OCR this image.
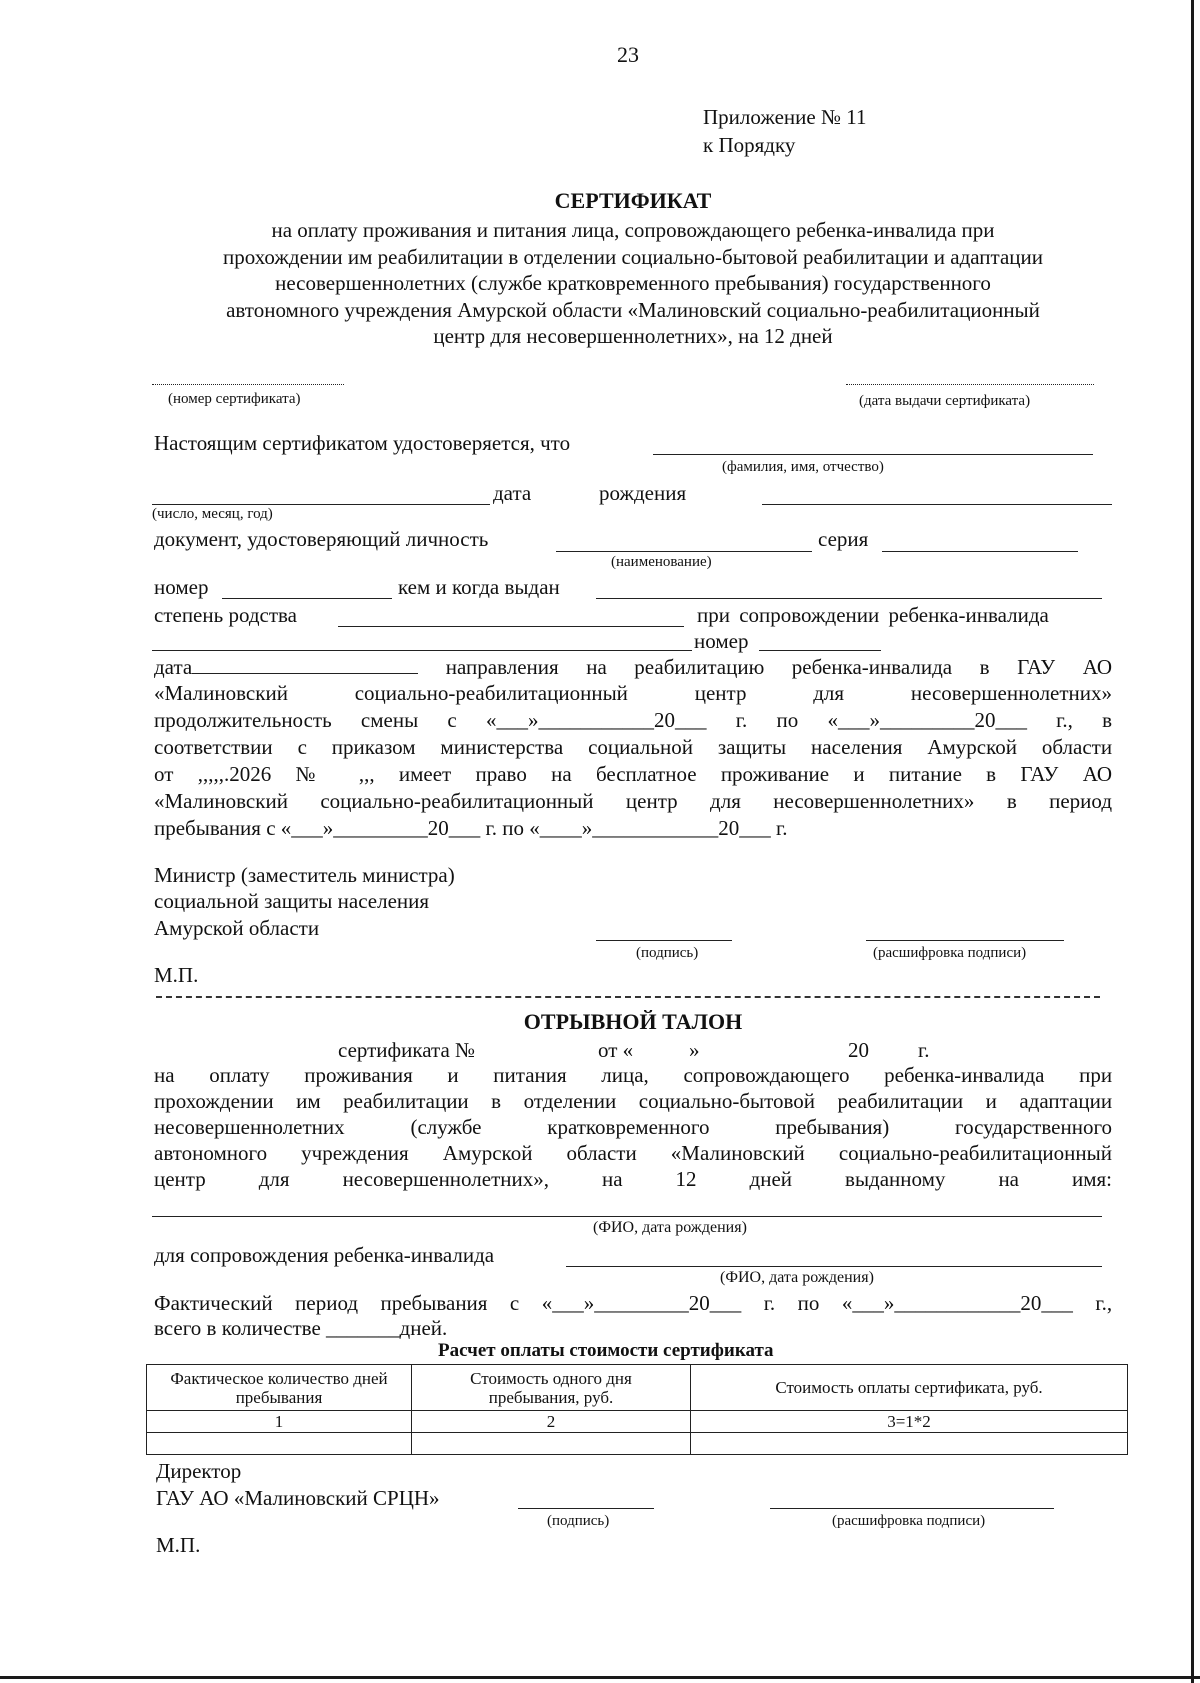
23
Приложение № 11
к Порядку
СЕРТИФИКАТ
на оплату проживания и питания лица, сопровождающего ребенка-инвалида при
прохождении им реабилитации в отделении социально-бытовой реабилитации и адаптации
несовершеннолетних (службе кратковременного пребывания) государственного
автономного учреждения Амурской области «Малиновский социально-реабилитационный
центр для несовершеннолетних», на 12 дней
(номер сертификата)	(дата выдачи сертификата)
Настоящим сертификатом удостоверяется, что
(фамилия, имя, отчество)
дата	рождения
(число, месяц, год)
документ, удостоверяющий личность	серия
(наименование)
номер	кем и когда выдан
степень родства	при сопровождении ребенка-инвалида
номер
дата	направления на реабилитацию ребенка-инвалида в ГАУ АО
«Малиновский	социально-реабилитационный	центр	для	несовершеннолетних»
продолжительность смены с «___»___________20___ г. по «___»_________20___ г., в
соответствии с приказом министерства социальной защиты населения Амурской области
от ,,,,,.2026 № ,,, имеет право на бесплатное проживание и питание в ГАУ АО
«Малиновский социально-реабилитационный центр для несовершеннолетних» в период
пребывания с «___»_________20___ г. по «____»____________20___ г.
Министр (заместитель министра)
социальной защиты населения
Амурской области
(подпись)	(расшифровка подписи)
М.П.
ОТРЫВНОЙ ТАЛОН
сертификата №	от «	»	20 г.
на оплату проживания и питания лица, сопровождающего ребенка-инвалида при
прохождении им реабилитации в отделении социально-бытовой реабилитации и адаптации
несовершеннолетних	(службе	кратковременного	пребывания)	государственного
автономного учреждения Амурской области «Малиновский социально-реабилитационный
центр	для	несовершеннолетних»,	на	12	дней	выданному	на	имя:
(ФИО, дата рождения)
для сопровождения ребенка-инвалида
(ФИО, дата рождения)
Фактический период пребывания с «___»_________20___ г. по «___»____________20___ г.,
всего в количестве _______дней.
Расчет оплаты стоимости сертификата
Фактическое количество дней пребывания	Стоимость одного дня пребывания, руб.	Стоимость оплаты сертификата, руб.
1	2	3=1*2

Директор
ГАУ АО «Малиновский СРЦН»
(подпись)	(расшифровка подписи)
М.П.
